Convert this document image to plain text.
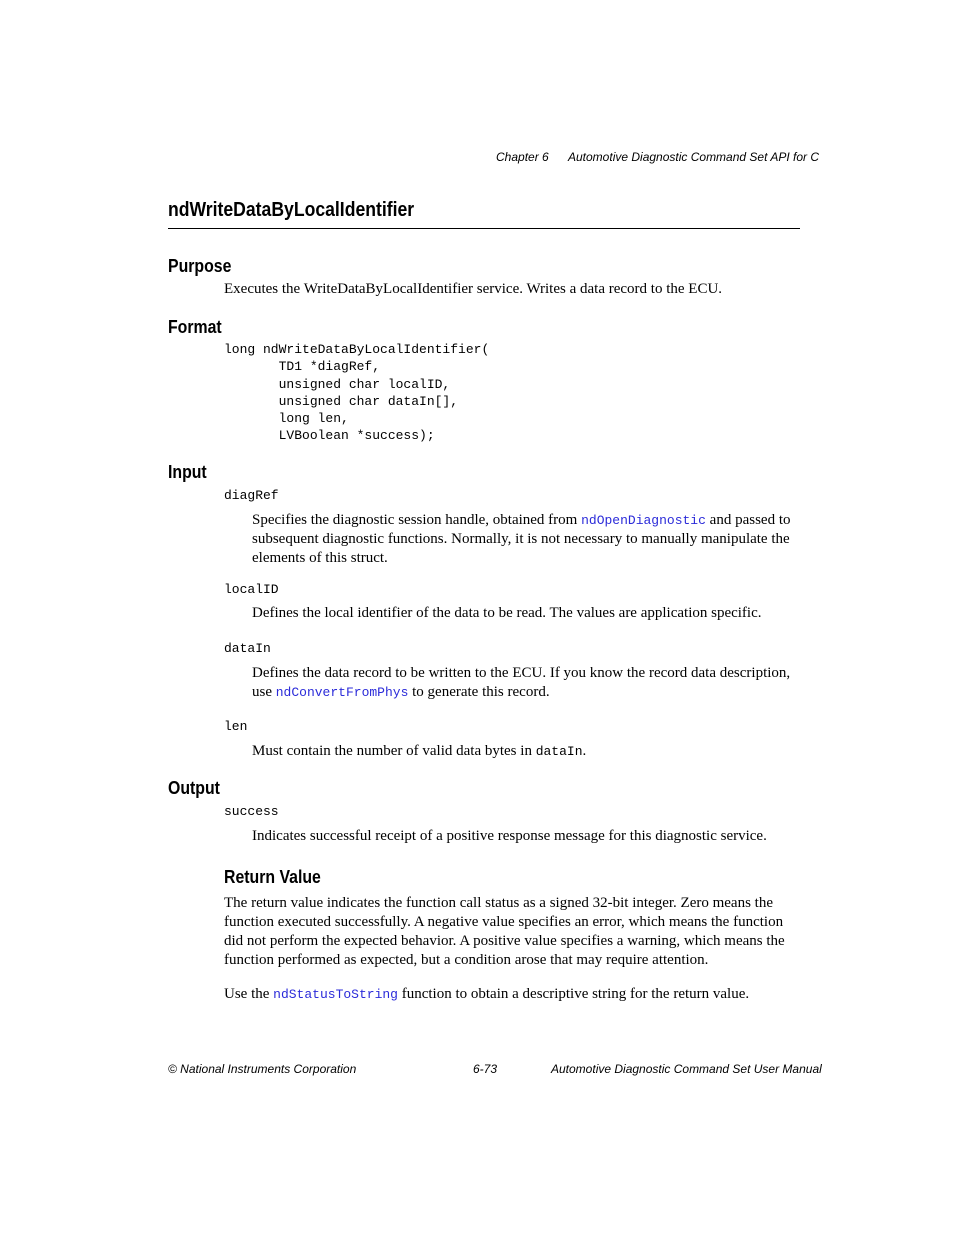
Chapter 6 Automotive Diagnostic Command Set API for C
ndWriteDataByLocalIdentifier
Purpose
Executes the WriteDataByLocalIdentifier service. Writes a data record to the ECU.
Format
long ndWriteDataByLocalIdentifier(
TD1 *diagRef,
unsigned char localID,
unsigned char dataIn[],
long len,
LVBoolean *success);
Input
diagRef
Specifies the diagnostic session handle, obtained from ndOpenDiagnostic and passed to subsequent diagnostic functions. Normally, it is not necessary to manually manipulate the elements of this struct.
localID
Defines the local identifier of the data to be read. The values are application specific.
dataIn
Defines the data record to be written to the ECU. If you know the record data description, use ndConvertFromPhys to generate this record.
len
Must contain the number of valid data bytes in dataIn.
Output
success
Indicates successful receipt of a positive response message for this diagnostic service.
Return Value
The return value indicates the function call status as a signed 32-bit integer. Zero means the function executed successfully. A negative value specifies an error, which means the function did not perform the expected behavior. A positive value specifies a warning, which means the function performed as expected, but a condition arose that may require attention.
Use the ndStatusToString function to obtain a descriptive string for the return value.
© National Instruments Corporation	6-73	Automotive Diagnostic Command Set User Manual
